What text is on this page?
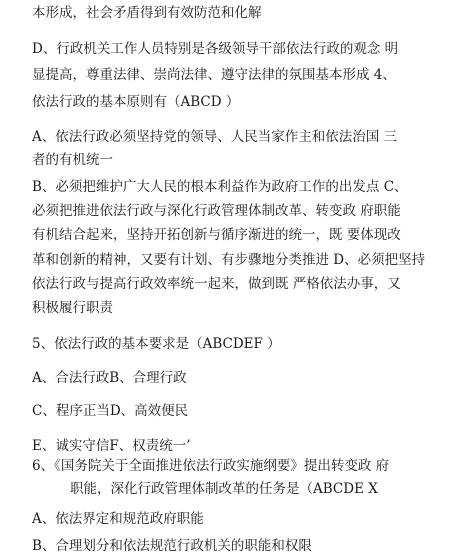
本形成，社会矛盾得到有效防范和化解
D、行政机关工作人员特别是各级领导干部依法行政的观念 明
显提高，尊重法律、崇尚法律、遵守法律的氛围基本形成 4、
依法行政的基本原则有（ABCD ）
A、依法行政必须坚持党的领导、人民当家作主和依法治国 三
者的有机统一
B、必须把维护广大人民的根本利益作为政府工作的出发点 C、
必须把推进依法行政与深化行政管理体制改革、转变政 府职能
有机结合起来，坚持开拓创新与循序渐进的统一，既 要体现改
革和创新的精神，又要有计划、有步骤地分类推进 D、必须把坚持
依法行政与提高行政效率统一起来，做到既 严格依法办事，又
积极履行职责
5、依法行政的基本要求是（ABCDEF ）
A、合法行政B、合理行政
C、程序正当D、高效便民
E、诚实守信F、权责统一’
6、《国务院关于全面推进依法行政实施纲要》提出转变政 府
职能，深化行政管理体制改革的任务是（ABCDE X
A、依法界定和规范政府职能
B、合理划分和依法规范行政机关的职能和权限
